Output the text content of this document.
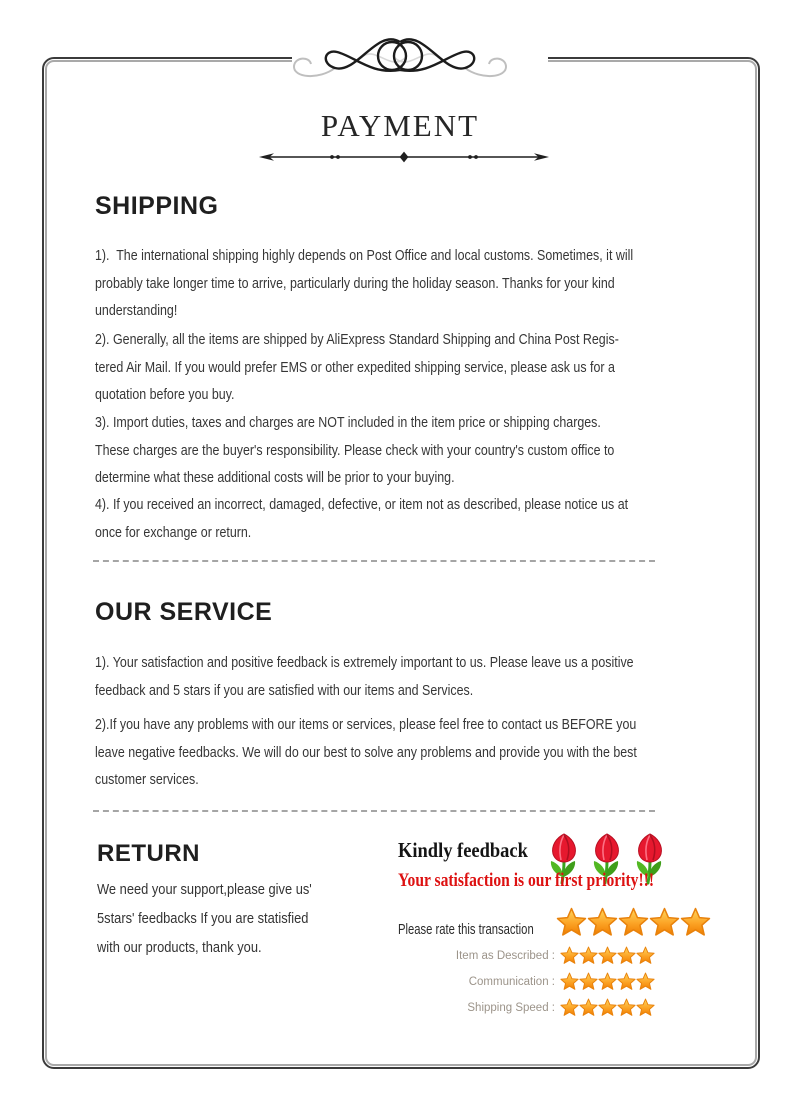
PAYMENT
SHIPPING
1).  The international shipping highly depends on Post Office and local customs. Sometimes, it will
probably take longer time to arrive, particularly during the holiday season. Thanks for your kind
understanding!
2). Generally, all the items are shipped by AliExpress Standard Shipping and China Post Regis-
tered Air Mail. If you would prefer EMS or other expedited shipping service, please ask us for a
quotation before you buy.
3). Import duties, taxes and charges are NOT included in the item price or shipping charges.
These charges are the buyer's responsibility. Please check with your country's custom office to
determine what these additional costs will be prior to your buying.
4). If you received an incorrect, damaged, defective, or item not as described, please notice us at
once for exchange or return.
OUR SERVICE
1). Your satisfaction and positive feedback is extremely important to us. Please leave us a positive
feedback and 5 stars if you are satisfied with our items and Services.
2).If you have any problems with our items or services, please feel free to contact us BEFORE you
leave negative feedbacks. We will do our best to solve any problems and provide you with the best
customer services.
RETURN
We need your support,please give us'
5stars' feedbacks If you are statisfied
with our products, thank you.
Kindly feedback
Your satisfaction is our first priority!!!
Please rate this transaction
Item as Described :
Communication :
Shipping Speed :
